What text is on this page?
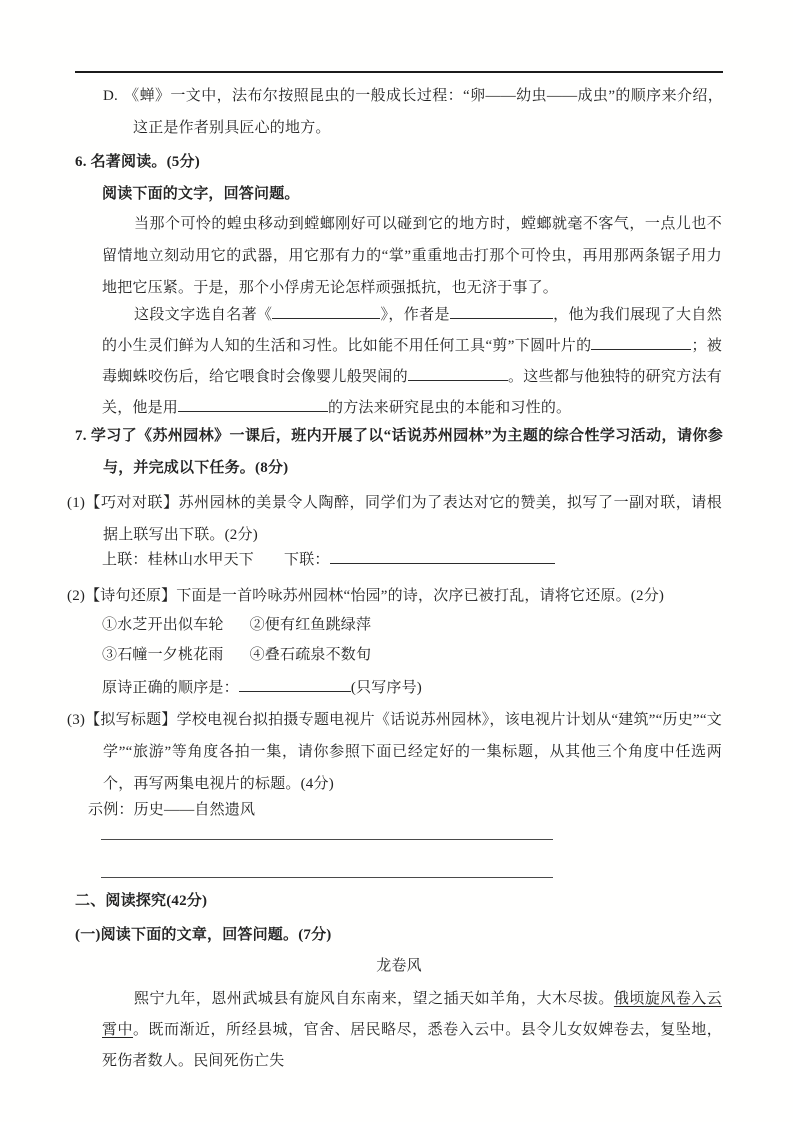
D. 《蝉》一文中，法布尔按照昆虫的一般成长过程：“卵——幼虫——成虫”的顺序来介绍，这正是作者别具匠心的地方。
6. 名著阅读。(5分)
阅读下面的文字，回答问题。
当那个可怜的蝗虫移动到螳螂刚好可以碰到它的地方时，螳螂就毫不客气，一点儿也不留情地立刻动用它的武器，用它那有力的“掌”重重地击打那个可怜虫，再用那两条锯子用力地把它压紧。于是，那个小俘虏无论怎样顽强抵抗，也无济于事了。
这段文字选自名著《	》，作者是	，他为我们展现了大自然的小生灵们鲜为人知的生活和习性。比如能不用任何工具“剪”下圆叶片的	；被毒蜘蛛咬伤后，给它喂食时会像婴儿般哭闹的	。这些都与他独特的研究方法有关，他是用	的方法来研究昆虫的本能和习性的。
7. 学习了《苏州园林》一课后，班内开展了以“话说苏州园林”为主题的综合性学习活动，请你参与，并完成以下任务。(8分)
(1)【巧对对联】苏州园林的美景令人陶醉，同学们为了表达对它的赞美，拟写了一副对联，请根据上联写出下联。(2分)
上联：桂林山水甲天下 下联：
(2)【诗句还原】下面是一首吟咏苏州园林“怡园”的诗，次序已被打乱，请将它还原。(2分)
①水芝开出似车轮 ②便有红鱼跳绿萍
③石幢一夕桃花雨 ④叠石疏泉不数旬
原诗正确的顺序是：	(只写序号)
(3)【拟写标题】学校电视台拟拍摄专题电视片《话说苏州园林》，该电视片计划从“建筑”“历史”“文学”“旅游”等角度各拍一集，请你参照下面已经定好的一集标题，从其他三个角度中任选两个，再写两集电视片的标题。(4分)
示例：历史——自然遗风
二、阅读探究(42分)
(一)阅读下面的文章，回答问题。(7分)
龙卷风
熙宁九年，恩州武城县有旋风自东南来，望之插天如羊角，大木尽拔。俄顷旋风卷入云霄中。既而渐近，所经县城，官舍、居民略尽，悉卷入云中。县令儿女奴婢卷去，复坠地，死伤者数人。民间死伤亡失
